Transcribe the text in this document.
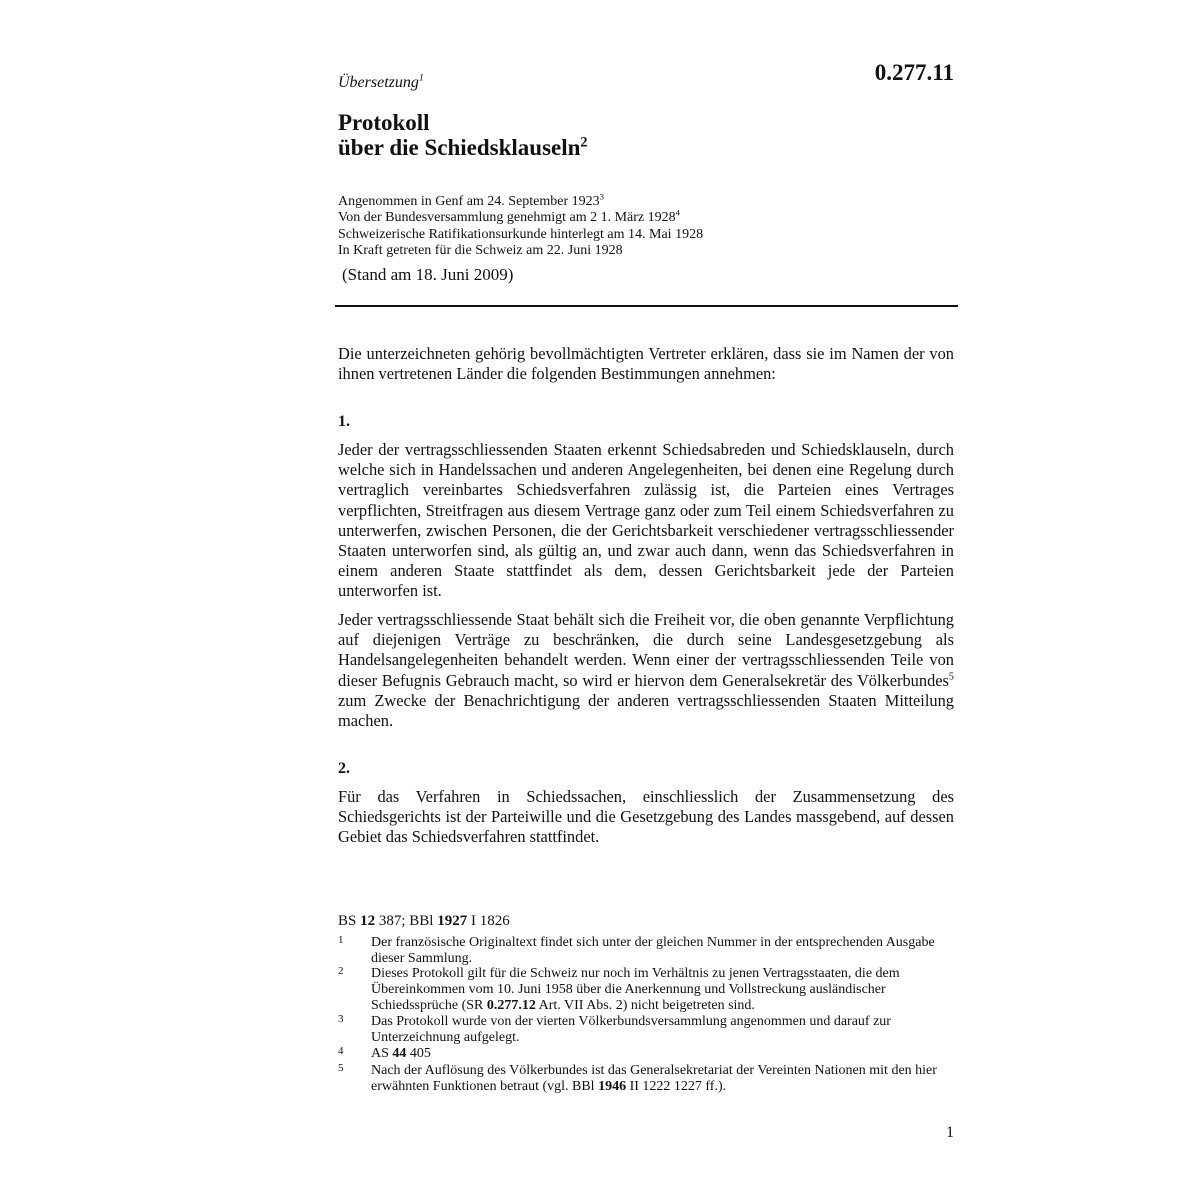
Übersetzung$^1$	0.277.11
Protokoll
über die Schiedsklauseln$^2$
Angenommen in Genf am 24. September 1923$^3$
Von der Bundesversammlung genehmigt am 2 1. März 1928$^4$
Schweizerische Ratifikationsurkunde hinterlegt am 14. Mai 1928
In Kraft getreten für die Schweiz am 22. Juni 1928
(Stand am 18. Juni 2009)
Die unterzeichneten gehörig bevollmächtigten Vertreter erklären, dass sie im Namen der von ihnen vertretenen Länder die folgenden Bestimmungen annehmen:
1.
Jeder der vertragsschliessenden Staaten erkennt Schiedsabreden und Schiedsklauseln, durch welche sich in Handelssachen und anderen Angelegenheiten, bei denen eine Regelung durch vertraglich vereinbartes Schiedsverfahren zulässig ist, die Parteien eines Vertrages verpflichten, Streitfragen aus diesem Vertrage ganz oder zum Teil einem Schiedsverfahren zu unterwerfen, zwischen Personen, die der Gerichtsbarkeit verschiedener vertragsschliessender Staaten unterworfen sind, als gültig an, und zwar auch dann, wenn das Schiedsverfahren in einem anderen Staate stattfindet als dem, dessen Gerichtsbarkeit jede der Parteien unterworfen ist.
Jeder vertragsschliessende Staat behält sich die Freiheit vor, die oben genannte Verpflichtung auf diejenigen Verträge zu beschränken, die durch seine Landesgesetzgebung als Handelsangelegenheiten behandelt werden. Wenn einer der vertragsschliessenden Teile von dieser Befugnis Gebrauch macht, so wird er hiervon dem Generalsekretär des Völkerbundes$^5$ zum Zwecke der Benachrichtigung der anderen vertragsschliessenden Staaten Mitteilung machen.
2.
Für das Verfahren in Schiedssachen, einschliesslich der Zusammensetzung des Schiedsgerichts ist der Parteiwille und die Gesetzgebung des Landes massgebend, auf dessen Gebiet das Schiedsverfahren stattfindet.
BS 12 387; BBl 1927 I 1826
1 Der französische Originaltext findet sich unter der gleichen Nummer in der entsprechenden Ausgabe dieser Sammlung.
2 Dieses Protokoll gilt für die Schweiz nur noch im Verhältnis zu jenen Vertragsstaaten, die dem Übereinkommen vom 10. Juni 1958 über die Anerkennung und Vollstreckung ausländischer Schiedssprüche (SR 0.277.12 Art. VII Abs. 2) nicht beigetreten sind.
3 Das Protokoll wurde von der vierten Völkerbundsversammlung angenommen und darauf zur Unterzeichnung aufgelegt.
4 AS 44 405
5 Nach der Auflösung des Völkerbundes ist das Generalsekretariat der Vereinten Nationen mit den hier erwähnten Funktionen betraut (vgl. BBl 1946 II 1222 1227 ff.).
1
